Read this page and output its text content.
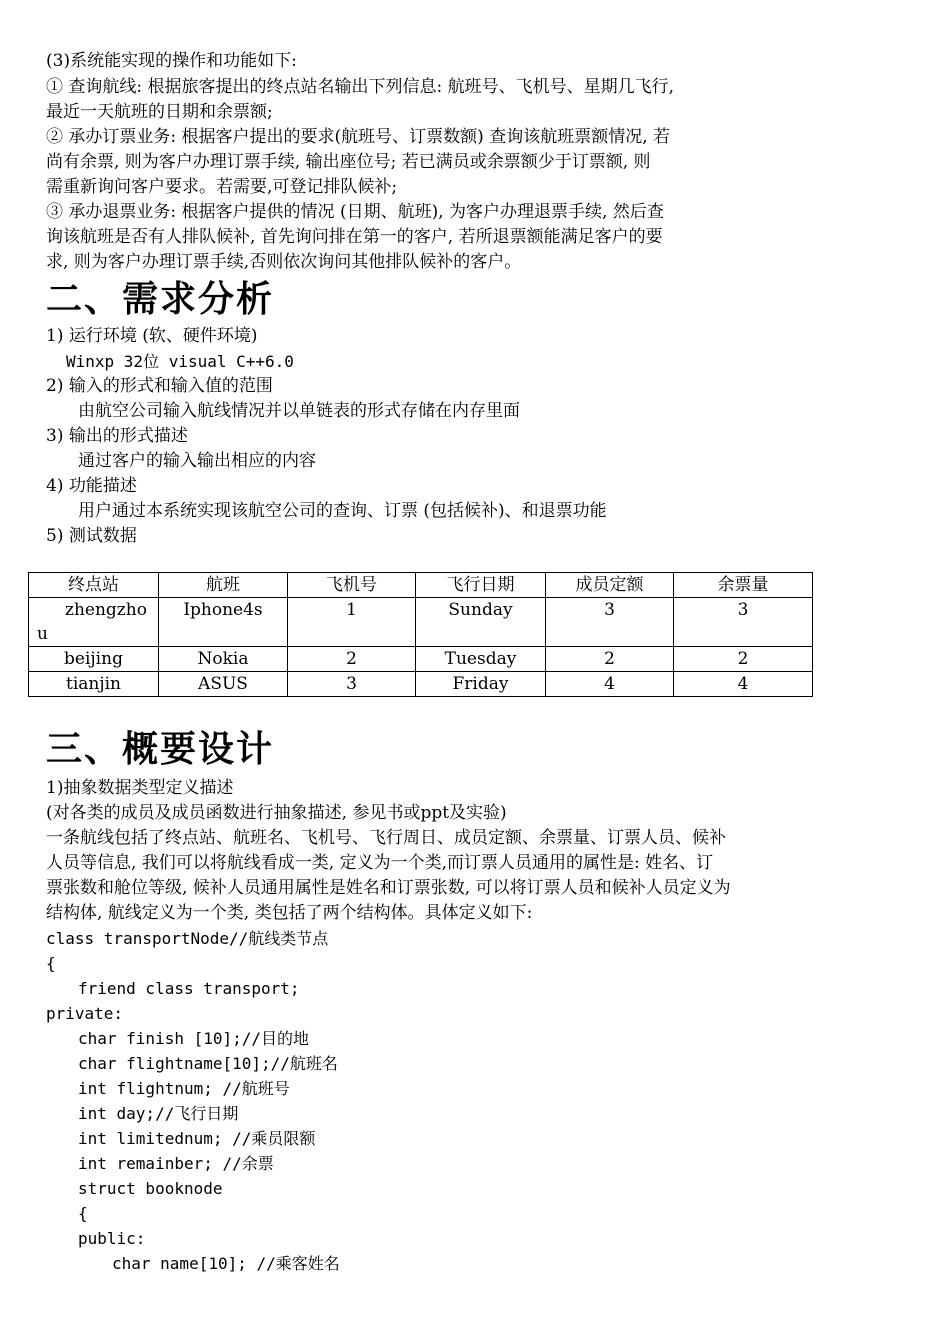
(3)系统能实现的操作和功能如下:
① 查询航线: 根据旅客提出的终点站名输出下列信息: 航班号、飞机号、星期几飞行,
最近一天航班的日期和余票额;
② 承办订票业务: 根据客户提出的要求(航班号、订票数额) 查询该航班票额情况, 若
尚有余票, 则为客户办理订票手续, 输出座位号; 若已满员或余票额少于订票额, 则
需重新询问客户要求。若需要,可登记排队候补;
③ 承办退票业务: 根据客户提供的情况 (日期、航班), 为客户办理退票手续, 然后查
询该航班是否有人排队候补, 首先询问排在第一的客户, 若所退票额能满足客户的要
求, 则为客户办理订票手续,否则依次询问其他排队候补的客户。
二、需求分析
1) 运行环境 (软、硬件环境)
Winxp 32位 visual C++6.0
2) 输入的形式和输入值的范围
由航空公司输入航线情况并以单链表的形式存储在内存里面
3) 输出的形式描述
通过客户的输入输出相应的内容
4) 功能描述
用户通过本系统实现该航空公司的查询、订票 (包括候补)、和退票功能
5) 测试数据
终点站	航班	飞机号	飞行日期	成员定额	余票量
zhengzhou	Iphone4s	1	Sunday	3	3
beijing	Nokia	2	Tuesday	2	2
tianjin	ASUS	3	Friday	4	4
三、概要设计
1)抽象数据类型定义描述
(对各类的成员及成员函数进行抽象描述, 参见书或ppt及实验)
一条航线包括了终点站、航班名、飞机号、飞行周日、成员定额、余票量、订票人员、候补
人员等信息, 我们可以将航线看成一类, 定义为一个类,而订票人员通用的属性是: 姓名、订
票张数和舱位等级, 候补人员通用属性是姓名和订票张数, 可以将订票人员和候补人员定义为
结构体, 航线定义为一个类, 类包括了两个结构体。具体定义如下:
class transportNode//航线类节点
{
friend class transport;
private:
char finish [10];//目的地
char flightname[10];//航班名
int flightnum; //航班号
int day;//飞行日期
int limitednum; //乘员限额
int remainber; //余票
struct booknode
{
public:
char name[10]; //乘客姓名
